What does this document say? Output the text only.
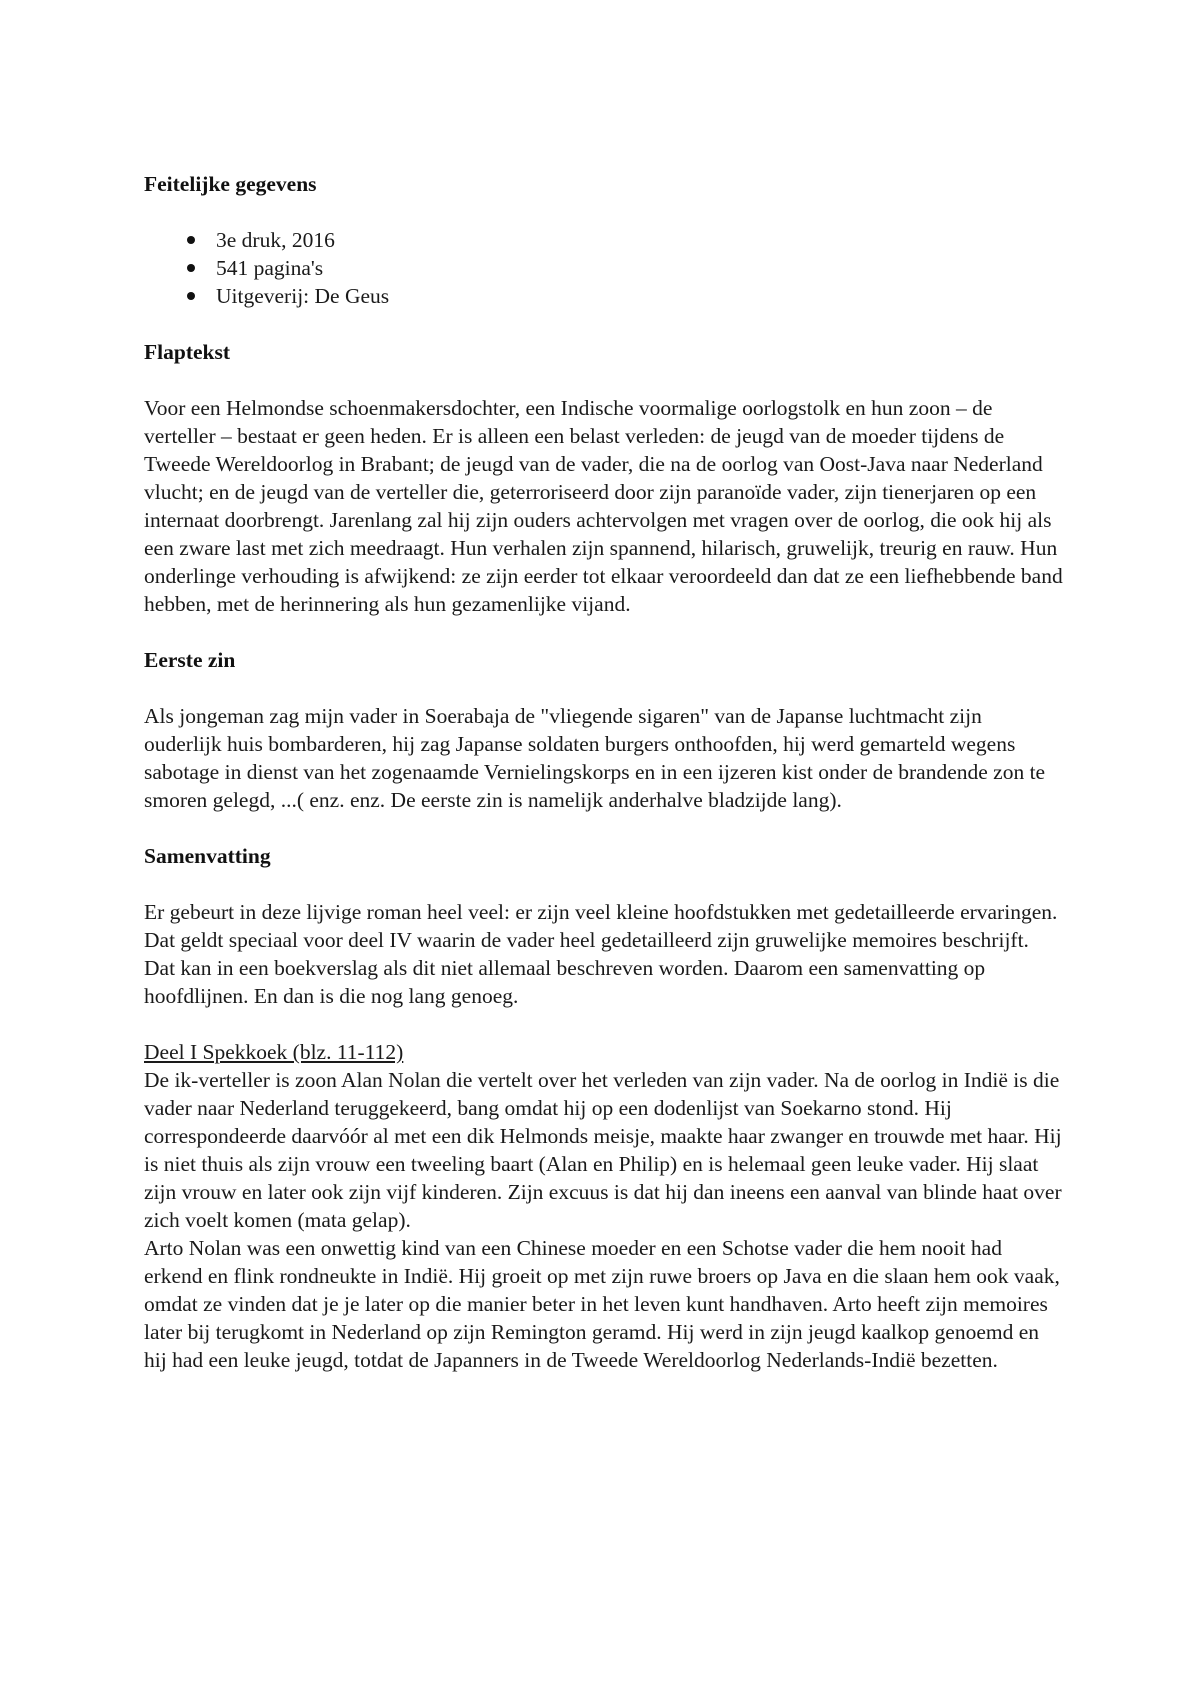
Feitelijke gegevens
3e druk, 2016
541 pagina's
Uitgeverij: De Geus
Flaptekst

Voor een Helmondse schoenmakersdochter, een Indische voormalige oorlogstolk en hun zoon – de verteller – bestaat er geen heden. Er is alleen een belast verleden: de jeugd van de moeder tijdens de Tweede Wereldoorlog in Brabant; de jeugd van de vader, die na de oorlog van Oost-Java naar Nederland vlucht; en de jeugd van de verteller die, geterroriseerd door zijn paranoïde vader, zijn tienerjaren op een internaat doorbrengt. Jarenlang zal hij zijn ouders achtervolgen met vragen over de oorlog, die ook hij als een zware last met zich meedraagt. Hun verhalen zijn spannend, hilarisch, gruwelijk, treurig en rauw. Hun onderlinge verhouding is afwijkend: ze zijn eerder tot elkaar veroordeeld dan dat ze een liefhebbende band hebben, met de herinnering als hun gezamenlijke vijand.

Eerste zin

Als jongeman zag mijn vader in Soerabaja de "vliegende sigaren" van de Japanse luchtmacht zijn ouderlijk huis bombarderen, hij zag Japanse soldaten burgers onthoofden, hij werd gemarteld wegens sabotage in dienst van het zogenaamde Vernielingskorps en in een ijzeren kist onder de brandende zon te smoren gelegd, ...( enz. enz. De eerste zin is namelijk anderhalve bladzijde lang).

Samenvatting

Er gebeurt in deze lijvige roman heel veel: er zijn veel kleine hoofdstukken met gedetailleerde ervaringen. Dat geldt speciaal voor deel IV waarin de vader heel gedetailleerd zijn gruwelijke memoires beschrijft. Dat kan in een boekverslag als dit niet allemaal beschreven worden. Daarom een samenvatting op hoofdlijnen. En dan is die nog lang genoeg.

Deel I Spekkoek (blz. 11-112)

De ik-verteller is zoon Alan Nolan die vertelt over het verleden van zijn vader. Na de oorlog in Indië is die vader naar Nederland teruggekeerd, bang omdat hij op een dodenlijst van Soekarno stond. Hij correspondeerde daarvóór al met een dik Helmonds meisje, maakte haar zwanger en trouwde met haar. Hij is niet thuis als zijn vrouw een tweeling baart (Alan en Philip) en is helemaal geen leuke vader. Hij slaat zijn vrouw en later ook zijn vijf kinderen. Zijn excuus is dat hij dan ineens een aanval van blinde haat over zich voelt komen (mata gelap).

Arto Nolan was een onwettig kind van een Chinese moeder en een Schotse vader die hem nooit had erkend en flink rondneukte in Indië. Hij groeit op met zijn ruwe broers op Java en die slaan hem ook vaak, omdat ze vinden dat je je later op die manier beter in het leven kunt handhaven. Arto heeft zijn memoires later bij terugkomt in Nederland op zijn Remington geramd. Hij werd in zijn jeugd kaalkop genoemd en hij had een leuke jeugd, totdat de Japanners in de Tweede Wereldoorlog Nederlands-Indië bezetten.
